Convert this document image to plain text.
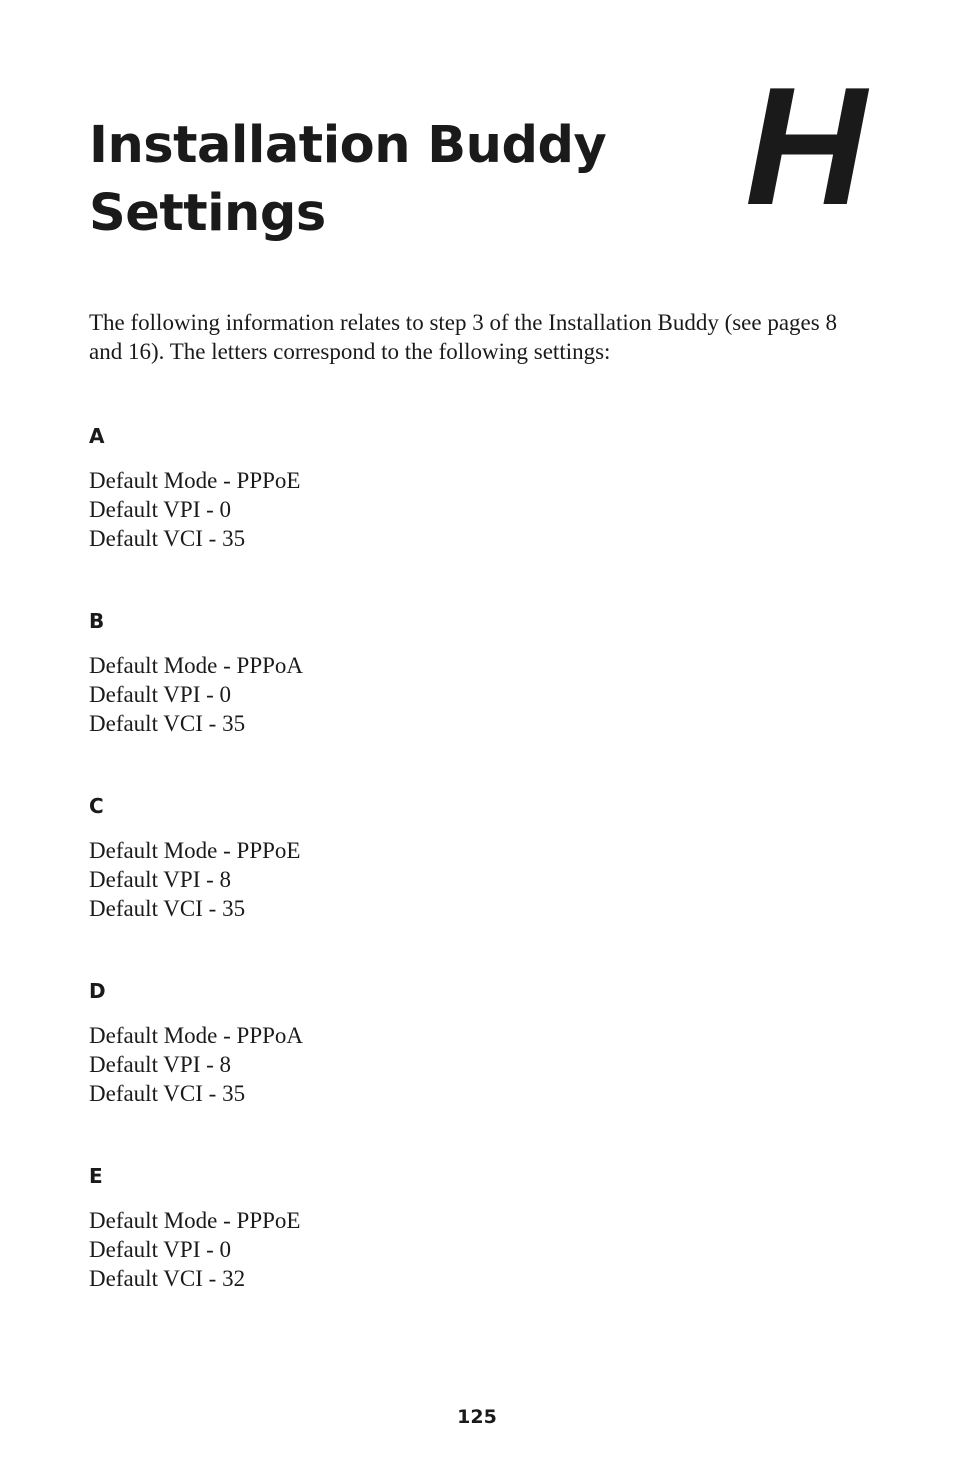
H
Installation Buddy
Settings

The following information relates to step 3 of the Installation Buddy (see pages 8 and 16). The letters correspond to the following settings:

A
Default Mode - PPPoE
Default VPI - 0
Default VCI - 35
B
Default Mode - PPPoA
Default VPI - 0
Default VCI - 35
C
Default Mode - PPPoE
Default VPI - 8
Default VCI - 35
D
Default Mode - PPPoA
Default VPI - 8
Default VCI - 35
E
Default Mode - PPPoE
Default VPI - 0
Default VCI - 32
125
